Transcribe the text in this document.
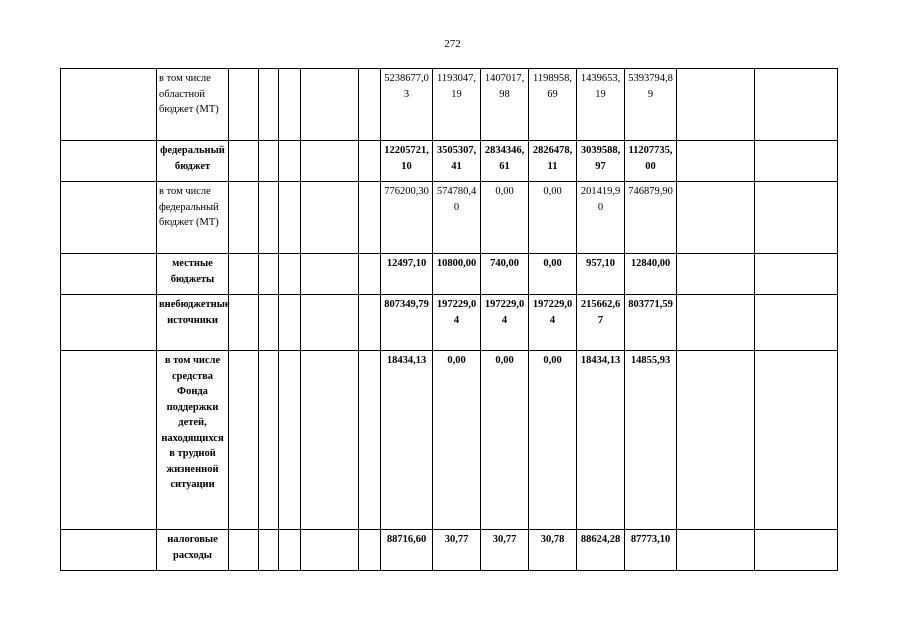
272
	в том числе областной бюджет (МТ)						5238677,03	1193047,19	1407017,98	1198958,69	1439653,19	5393794,89		
	федеральный бюджет						12205721,10	3505307,41	2834346,61	2826478,11	3039588,97	11207735,00		
	в том числе федеральный бюджет (МТ)						776200,30	574780,40	0,00	0,00	201419,90	746879,90		
	местные бюджеты						12497,10	10800,00	740,00	0,00	957,10	12840,00		
	внебюджетные источники						807349,79	197229,04	197229,04	197229,04	215662,67	803771,59		
	в том числе средства Фонда поддержки детей, находящихся в трудной жизненной ситуации						18434,13	0,00	0,00	0,00	18434,13	14855,93		
	налоговые расходы						88716,60	30,77	30,77	30,78	88624,28	87773,10		
